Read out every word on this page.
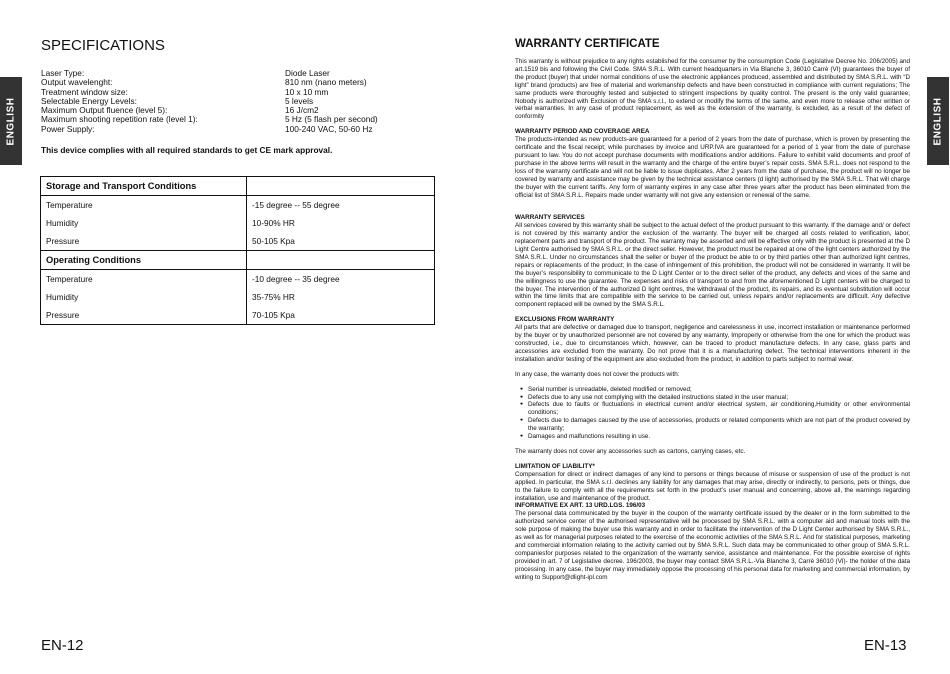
ENGLISH
SPECIFICATIONS
Laser Type:	Diode Laser
Output wavelenght:	810 nm (nano meters)
Treatment window size:	10 x 10 mm
Selectable Energy Levels:	5 levels
Maximum Output fluence (level 5):	16 J/cm2
Maximum shooting repetition rate (level 1):	5 Hz (5 flash per second)
Power Supply:	100-240 VAC, 50-60 Hz
This device complies with all required standards to get CE mark approval.
Storage and Transport Conditions	
Temperature	-15 degree -- 55 degree
Humidity	10-90% HR
Pressure	50-105 Kpa
Operating Conditions	
Temperature	-10 degree -- 35 degree
Humidity	35-75% HR
Pressure	70-105 Kpa
EN-12
ENGLISH
WARRANTY CERTIFICATE

This warranty is without prejudice to any rights established for the consumer by the consumption Code (Legislative Decree No. 206/2005) and art.1519 bis and following the Civil Code. SMA S.R.L. With current headquarters in Via Blanche 3, 36010 Carrè (VI) guarantees the buyer of the product (buyer) that under normal conditions of use the electronic appliances produced, assembled and distributed by SMA S.R.L. with “D light” brand (products) are free of material and workmanship defects and have been constructed in compliance with current regulations; The same products were thoroughly tested and subjected to stringent inspections by quality control. The present is the only valid guarantee; Nobody is authorized with Exclusion of the SMA s.r.l., to extend or modify the terms of the same, and even more to release other written or verbal warranties. In any case of product replacement, as well as the extension of the warranty, is excluded, as a result of the defect of conformity

WARRANTY PERIOD AND COVERAGE AREA

The products-intended as new products-are guaranteed for a period of 2 years from the date of purchase, which is proven by presenting the certificate and the fiscal receipt; while purchases by invoice and URP.IVA are guaranteed for a period of 1 year from the date of purchase pursuant to law. You do not accept purchase documents with modifications and/or additions. Failure to exhibit valid documents and proof of purchase in the above terms will result in the warranty and the charge of the entire buyer’s repair costs. SMA S.R.L. does not respond to the loss of the warranty certificate and will not be liable to issue duplicates. After 2 years from the date of purchase, the product will no longer be covered by warranty and assistance may be given by the technical assistance centers (d light) authorised by the SMA S.R.L. That will charge the buyer with the current tariffs. Any form of warranty expires in any case after three years after the product has been eliminated from the official list of SMA S.R.L. Repairs made under warranty will not give any extension or renewal of the same.

WARRANTY SERVICES

All services covered by this warranty shall be subject to the actual defect of the product pursuant to this warranty. If the damage and/ or defect is not covered by this warranty and/or the exclusion of the warranty. The buyer will be charged all costs related to verification, labor, replacement parts and transport of the product. The warranty may be asserted and will be effective only with the product is presented at the D Light Centre authorised by SMA S.R.L. or the direct seller. However, the product must be repaired at one of the light centers authorized by the SMA S.R.L. Under no circumstances shall the seller or buyer of the product be able to or by third parties other than authorized light centres, repairs or replacements of the product; In the case of infringement of this prohibition, the product will not be considered in warranty. It will be the buyer’s responsibility to communicate to the D Light Center or to the direct seller of the product, any defects and vices of the same and the willingness to use the guarantee. The expenses and risks of transport to and from the aforementioned D Light centers will be charged to the buyer. The intervention of the authorized D light centres, the withdrawal of the product, its repairs, and its eventual substitution will occur within the time limits that are compatible with the service to be carried out, unless repairs and/or replacements are difficult. Any defective component replaced will be owned by the SMA S.R.L.

EXCLUSIONS FROM WARRANTY

All parts that are defective or damaged due to transport, negligence and carelessness in use, incorrect installation or maintenance performed by the buyer or by unauthorized personnel are not covered by any warranty, Improperly or otherwise from the one for which the product was constructed, i.e., due to circumstances which, however, can be traced to product manufacture defects. In any case, glass parts and accessories are excluded from the warranty. Do not prove that it is a manufacturing defect. The technical interventions inherent in the installation and/or testing of the equipment are also excluded from the product, in addition to parts subject to normal wear.

In any case, the warranty does not cover the products with:

● Serial number is unreadable, deleted modified or removed;
● Defects due to any use not complying with the detailed instructions stated in the user manual;
● Defects due to faults or fluctuations in electrical current and/or electrical system, air conditioning,Humidity or other environmental conditions;
● Defects due to damages caused by the use of accessories, products or related components which are not part of the product covered by the warranty;
● Damages and malfunctions resulting in use.

The warranty does not cover any accessories such as cartons, carrying cases, etc.

LIMITATION OF LIABILITY*

Compensation for direct or indirect damages of any kind to persons or things because of misuse or suspension of use of the product is not applied. In particular, the SMA s.r.l. declines any liability for any damages that may arise, directly or indirectly, to persons, pets or things, due to the failure to comply with all the requirements set forth in the product’s user manual and concerning, above all, the warnings regarding installation, use and maintenance of the product.

INFORMATIVE EX ART. 13 URD.LGS. 196/03

The personal data communicated by the buyer in the coupon of the warranty certificate issued by the dealer or in the form submitted to the authorized service center of the authorised representative will be processed by SMA S.R.L. with a computer aid and manual tools with the sole purpose of making the buyer use this warranty and in order to facilitate the intervention of the D Light Center authorised by SMA S.R.L., as well as for managerial purposes related to the exercise of the economic activities of the SMA S.R.L. And for statistical purposes, marketing and commercial information relating to the activity carried out by SMA S.R.L. Such data may be communicated to other group of SMA S.R.L. companiesfor purposes related to the organization of the warranty service, assistance and maintenance. For the possible exercise of rights provided in art. 7 of Legislative decree. 196/2003, the buyer may contact SMA S.R.L.-Via Blanche 3, Carrè 36010 (VI)- the holder of the data processing. In any case, the buyer may immediately oppose the processing of his personal data for marketing and commercial information, by writing to Support@dlight-ipl.com

EN-13
